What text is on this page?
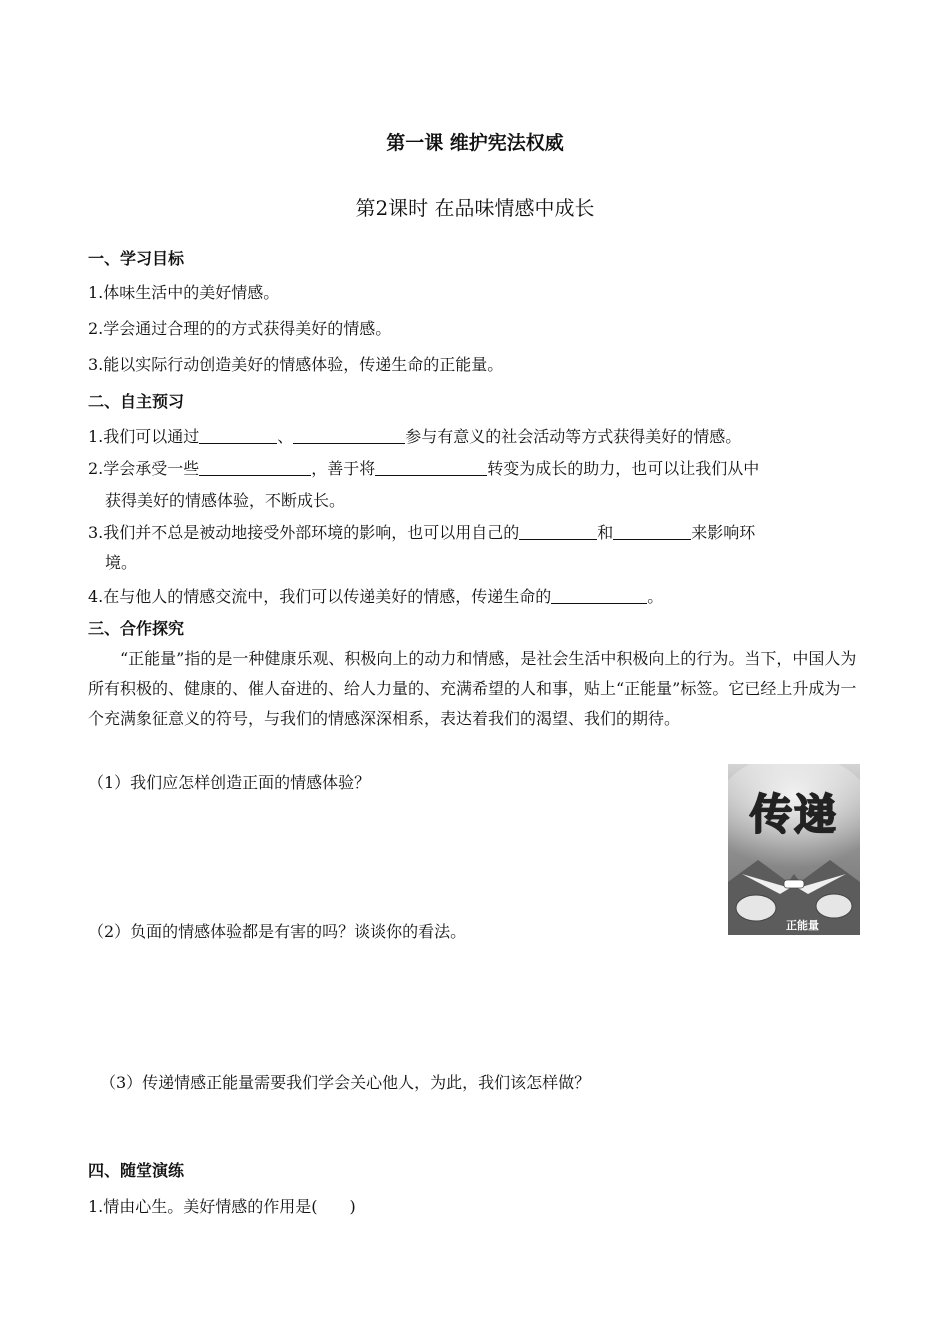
第一课 维护宪法权威
第2课时 在品味情感中成长
一、学习目标
1.体味生活中的美好情感。
2.学会通过合理的的方式获得美好的情感。
3.能以实际行动创造美好的情感体验，传递生命的正能量。
二、自主预习
1.我们可以通过	、	参与有意义的社会活动等方式获得美好的情感。
2.学会承受一些	，善于将	转变为成长的助力，也可以让我们从中
获得美好的情感体验，不断成长。
3.我们并不总是被动地接受外部环境的影响，也可以用自己的	和	来影响环
境。
4.在与他人的情感交流中，我们可以传递美好的情感，传递生命的	。
三、合作探究
“正能量”指的是一种健康乐观、积极向上的动力和情感，是社会生活中积极向上的行为。当下，中国人为所有积极的、健康的、催人奋进的、给人力量的、充满希望的人和事，贴上“正能量”标签。它已经上升成为一个充满象征意义的符号，与我们的情感深深相系，表达着我们的渴望、我们的期待。
（1）我们应怎样创造正面的情感体验？
（2）负面的情感体验都是有害的吗？谈谈你的看法。
（3）传递情感正能量需要我们学会关心他人，为此，我们该怎样做？
传递
正能量
四、随堂演练
1.情由心生。美好情感的作用是(　　)
